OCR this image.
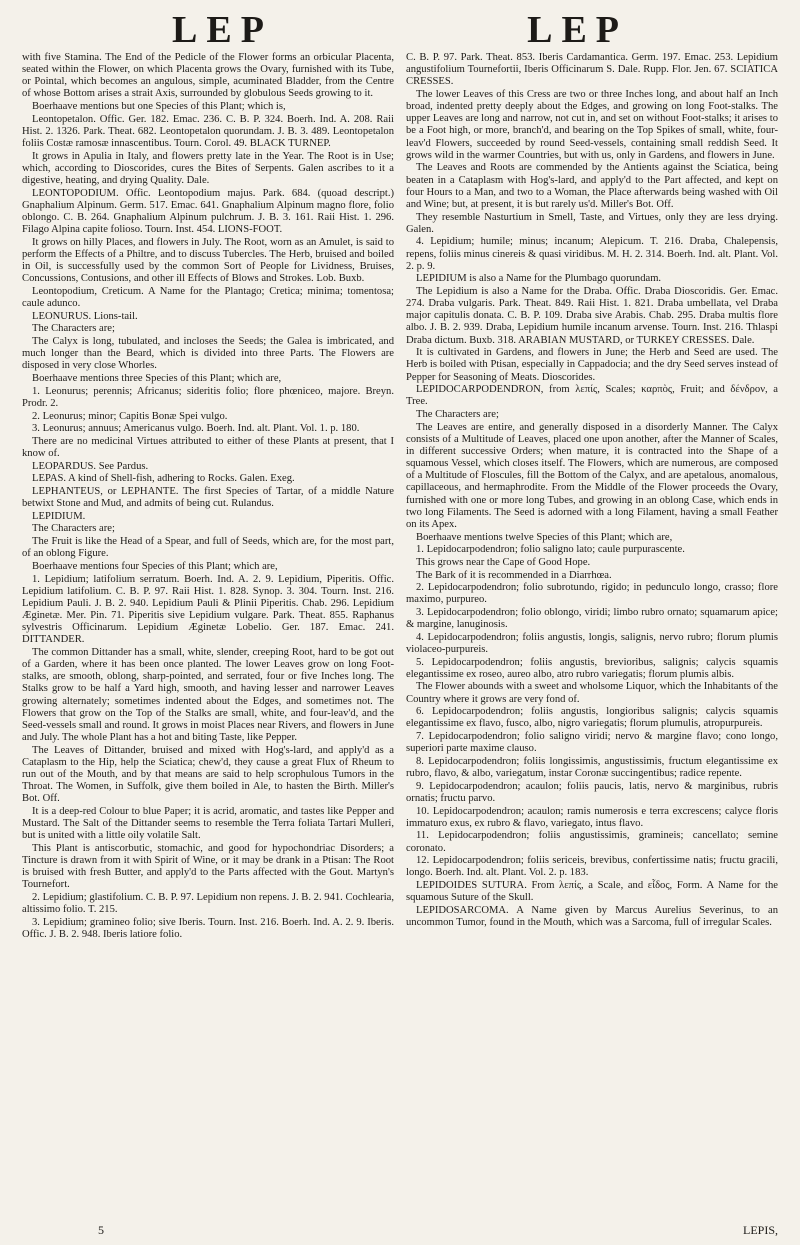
LEP	LEP

with five Stamina. The End of the Pedicle of the Flower forms an orbicular Placenta, seated within the Flower, on which Placenta grows the Ovary, furnished with its Tube, or Pointal, which becomes an angulous, simple, acuminated Bladder, from the Centre of whose Bottom arises a strait Axis, surrounded by globulous Seeds growing to it.

Boerhaave mentions but one Species of this Plant; which is,

Leontopetalon. Offic. Ger. 182. Emac. 236. C. B. P. 324. Boerh. Ind. A. 208. Raii Hist. 2. 1326. Park. Theat. 682. Leontopetalon quorundam. J. B. 3. 489. Leontopetalon foliis Costæ ramosæ innascentibus. Tourn. Corol. 49. BLACK TURNEP.

It grows in Apulia in Italy, and flowers pretty late in the Year. The Root is in Use; which, according to Dioscorides, cures the Bites of Serpents. Galen ascribes to it a digestive, heating, and drying Quality. Dale.

LEONTOPODIUM. Offic. Leontopodium majus. Park. 684. (quoad descript.) Gnaphalium Alpinum. Germ. 517. Emac. 641. Gnaphalium Alpinum magno flore, folio oblongo. C. B. 264. Gnaphalium Alpinum pulchrum. J. B. 3. 161. Raii Hist. 1. 296. Filago Alpina capite folioso. Tourn. Inst. 454. LIONS-FOOT.

It grows on hilly Places, and flowers in July. The Root, worn as an Amulet, is said to perform the Effects of a Philtre, and to discuss Tubercles. The Herb, bruised and boiled in Oil, is successfully used by the common Sort of People for Lividness, Bruises, Concussions, Contusions, and other ill Effects of Blows and Strokes. Lob. Buxb.

Leontopodium, Creticum. A Name for the Plantago; Cretica; minima; tomentosa; caule adunco.

LEONURUS. Lions-tail.

The Characters are;

The Calyx is long, tubulated, and incloses the Seeds; the Galea is imbricated, and much longer than the Beard, which is divided into three Parts. The Flowers are disposed in very close Whorles.

Boerhaave mentions three Species of this Plant; which are,

1. Leonurus; perennis; Africanus; sideritis folio; flore phœniceo, majore. Breyn. Prodr. 2.

2. Leonurus; minor; Capitis Bonæ Spei vulgo.

3. Leonurus; annuus; Americanus vulgo. Boerh. Ind. alt. Plant. Vol. 1. p. 180.

There are no medicinal Virtues attributed to either of these Plants at present, that I know of.

LEOPARDUS. See Pardus.

LEPAS. A kind of Shell-fish, adhering to Rocks. Galen. Exeg.

LEPHANTEUS, or LEPHANTE. The first Species of Tartar, of a middle Nature betwixt Stone and Mud, and admits of being cut. Rulandus.

LEPIDIUM.

The Characters are;

The Fruit is like the Head of a Spear, and full of Seeds, which are, for the most part, of an oblong Figure.

Boerhaave mentions four Species of this Plant; which are,

1. Lepidium; latifolium serratum. Boerh. Ind. A. 2. 9. Lepidium, Piperitis. Offic. Lepidium latifolium. C. B. P. 97. Raii Hist. 1. 828. Synop. 3. 304. Tourn. Inst. 216. Lepidium Pauli. J. B. 2. 940. Lepidium Pauli & Plinii Piperitis. Chab. 296. Lepidium Æginetæ. Mer. Pin. 71. Piperitis sive Lepidium vulgare. Park. Theat. 855. Raphanus sylvestris Officinarum. Lepidium Æginetæ Lobelio. Ger. 187. Emac. 241. DITTANDER.

The common Dittander has a small, white, slender, creeping Root, hard to be got out of a Garden, where it has been once planted. The lower Leaves grow on long Foot-stalks, are smooth, oblong, sharp-pointed, and serrated, four or five Inches long. The Stalks grow to be half a Yard high, smooth, and having lesser and narrower Leaves growing alternately; sometimes indented about the Edges, and sometimes not. The Flowers that grow on the Top of the Stalks are small, white, and four-leav'd, and the Seed-vessels small and round. It grows in moist Places near Rivers, and flowers in June and July. The whole Plant has a hot and biting Taste, like Pepper.

The Leaves of Dittander, bruised and mixed with Hog's-lard, and apply'd as a Cataplasm to the Hip, help the Sciatica; chew'd, they cause a great Flux of Rheum to run out of the Mouth, and by that means are said to help scrophulous Tumors in the Throat. The Women, in Suffolk, give them boiled in Ale, to hasten the Birth. Miller's Bot. Off.

It is a deep-red Colour to blue Paper; it is acrid, aromatic, and tastes like Pepper and Mustard. The Salt of the Dittander seems to resemble the Terra foliata Tartari Mulleri, but is united with a little oily volatile Salt.

This Plant is antiscorbutic, stomachic, and good for hypochondriac Disorders; a Tincture is drawn from it with Spirit of Wine, or it may be drank in a Ptisan: The Root is bruised with fresh Butter, and apply'd to the Parts affected with the Gout. Martyn's Tournefort.

2. Lepidium; glastifolium. C. B. P. 97. Lepidium non repens. J. B. 2. 941. Cochlearia, altissimo folio. T. 215.

3. Lepidium; gramineo folio; sive Iberis. Tourn. Inst. 216. Boerh. Ind. A. 2. 9. Iberis. Offic. J. B. 2. 948. Iberis latiore folio.

C. B. P. 97. Park. Theat. 853. Iberis Cardamantica. Germ. 197. Emac. 253. Lepidium angustifolium Tournefortii, Iberis Officinarum S. Dale. Rupp. Flor. Jen. 67. SCIATICA CRESSES.

The lower Leaves of this Cress are two or three Inches long, and about half an Inch broad, indented pretty deeply about the Edges, and growing on long Foot-stalks. The upper Leaves are long and narrow, not cut in, and set on without Foot-stalks; it arises to be a Foot high, or more, branch'd, and bearing on the Top Spikes of small, white, four-leav'd Flowers, succeeded by round Seed-vessels, containing small reddish Seed. It grows wild in the warmer Countries, but with us, only in Gardens, and flowers in June.

The Leaves and Roots are commended by the Antients against the Sciatica, being beaten in a Cataplasm with Hog's-lard, and apply'd to the Part affected, and kept on four Hours to a Man, and two to a Woman, the Place afterwards being washed with Oil and Wine; but, at present, it is but rarely us'd. Miller's Bot. Off.

They resemble Nasturtium in Smell, Taste, and Virtues, only they are less drying. Galen.

4. Lepidium; humile; minus; incanum; Alepicum. T. 216. Draba, Chalepensis, repens, foliis minus cinereis & quasi viridibus. M. H. 2. 314. Boerh. Ind. alt. Plant. Vol. 2. p. 9.

LEPIDIUM is also a Name for the Plumbago quorundam.

The Lepidium is also a Name for the Draba. Offic. Draba Dioscoridis. Ger. Emac. 274. Draba vulgaris. Park. Theat. 849. Raii Hist. 1. 821. Draba umbellata, vel Draba major capitulis donata. C. B. P. 109. Draba sive Arabis. Chab. 295. Draba multis flore albo. J. B. 2. 939. Draba, Lepidium humile incanum arvense. Tourn. Inst. 216. Thlaspi Draba dictum. Buxb. 318. ARABIAN MUSTARD, or TURKEY CRESSES. Dale.

It is cultivated in Gardens, and flowers in June; the Herb and Seed are used. The Herb is boiled with Ptisan, especially in Cappadocia; and the dry Seed serves instead of Pepper for Seasoning of Meats. Dioscorides.

LEPIDOCARPODENDRON, from λεπίς, Scales; καρπὸς, Fruit; and δένδρον, a Tree.

The Characters are;

The Leaves are entire, and generally disposed in a disorderly Manner. The Calyx consists of a Multitude of Leaves, placed one upon another, after the Manner of Scales, in different successive Orders; when mature, it is contracted into the Shape of a squamous Vessel, which closes itself. The Flowers, which are numerous, are composed of a Multitude of Floscules, fill the Bottom of the Calyx, and are apetalous, anomalous, capillaceous, and hermaphrodite. From the Middle of the Flower proceeds the Ovary, furnished with one or more long Tubes, and growing in an oblong Case, which ends in two long Filaments. The Seed is adorned with a long Filament, having a small Feather on its Apex.

Boerhaave mentions twelve Species of this Plant; which are,

1. Lepidocarpodendron; folio saligno lato; caule purpurascente.

This grows near the Cape of Good Hope.

The Bark of it is recommended in a Diarrhœa.

2. Lepidocarpodendron; folio subrotundo, rigido; in pedunculo longo, crasso; flore maximo, purpureo.

3. Lepidocarpodendron; folio oblongo, viridi; limbo rubro ornato; squamarum apice; & margine, lanuginosis.

4. Lepidocarpodendron; foliis angustis, longis, salignis, nervo rubro; florum plumis violaceo-purpureis.

5. Lepidocarpodendron; foliis angustis, brevioribus, salignis; calycis squamis elegantissime ex roseo, aureo albo, atro rubro variegatis; florum plumis albis.

The Flower abounds with a sweet and wholsome Liquor, which the Inhabitants of the Country where it grows are very fond of.

6. Lepidocarpodendron; foliis angustis, longioribus salignis; calycis squamis elegantissime ex flavo, fusco, albo, nigro variegatis; florum plumulis, atropurpureis.

7. Lepidocarpodendron; folio saligno viridi; nervo & margine flavo; cono longo, superiori parte maxime clauso.

8. Lepidocarpodendron; foliis longissimis, angustissimis, fructum elegantissime ex rubro, flavo, & albo, variegatum, instar Coronæ succingentibus; radice repente.

9. Lepidocarpodendron; acaulon; foliis paucis, latis, nervo & marginibus, rubris ornatis; fructu parvo.

10. Lepidocarpodendron; acaulon; ramis numerosis e terra excrescens; calyce floris immaturo exus, ex rubro & flavo, variegato, intus flavo.

11. Lepidocarpodendron; foliis angustissimis, gramineis; cancellato; semine coronato.

12. Lepidocarpodendron; foliis sericeis, brevibus, confertissime natis; fructu gracili, longo. Boerh. Ind. alt. Plant. Vol. 2. p. 183.

LEPIDOIDES SUTURA. From λεπίς, a Scale, and εἶδος, Form. A Name for the squamous Suture of the Skull.

LEPIDOSARCOMA. A Name given by Marcus Aurelius Severinus, to an uncommon Tumor, found in the Mouth, which was a Sarcoma, full of irregular Scales.

5	LEPIS,
